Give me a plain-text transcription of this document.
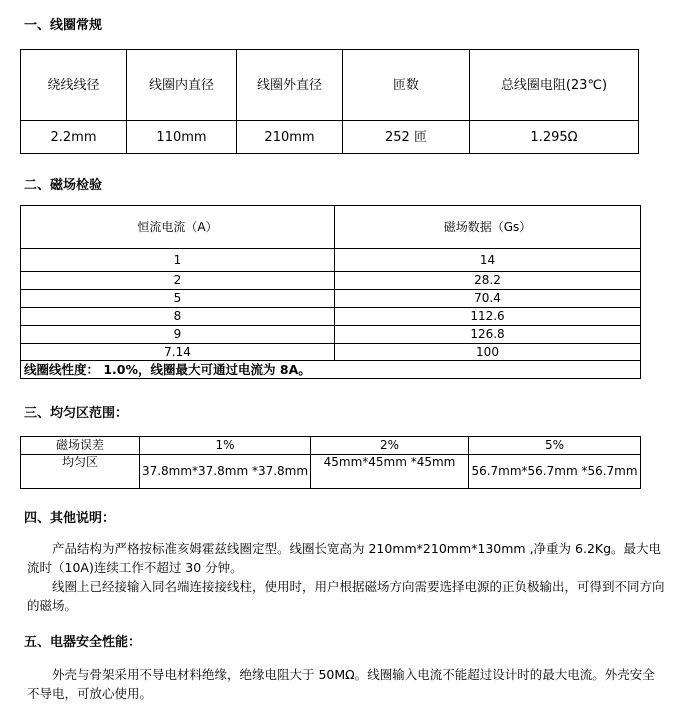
一、线圈常规
绕线线径	线圈内直径	线圈外直径	匝数	总线圈电阻(23℃)
2.2mm	110mm	210mm	252 匝	1.295Ω
二、磁场检验
恒流电流（A）	磁场数据（Gs）
1	14
2	28.2
5	70.4
8	112.6
9	126.8
7.14	100
线圈线性度： 1.0%，线圈最大可通过电流为 8A。	
三、均匀区范围：
磁场误差	1%	2%	5%
均匀区	37.8mm*37.8mm *37.8mm	45mm*45mm *45mm	56.7mm*56.7mm *56.7mm
四、其他说明：

产品结构为严格按标准亥姆霍兹线圈定型。线圈长宽高为 210mm*210mm*130mm ,净重为 6.2Kg。最大电流时（10A)连续工作不超过 30 分钟。

线圈上已经接输入同名端连接接线柱，使用时，用户根据磁场方向需要选择电源的正负极输出，可得到不同方向的磁场。

五、电器安全性能：

外壳与骨架采用不导电材料绝缘，绝缘电阻大于 50MΩ。线圈输入电流不能超过设计时的最大电流。外壳安全不导电，可放心使用。
